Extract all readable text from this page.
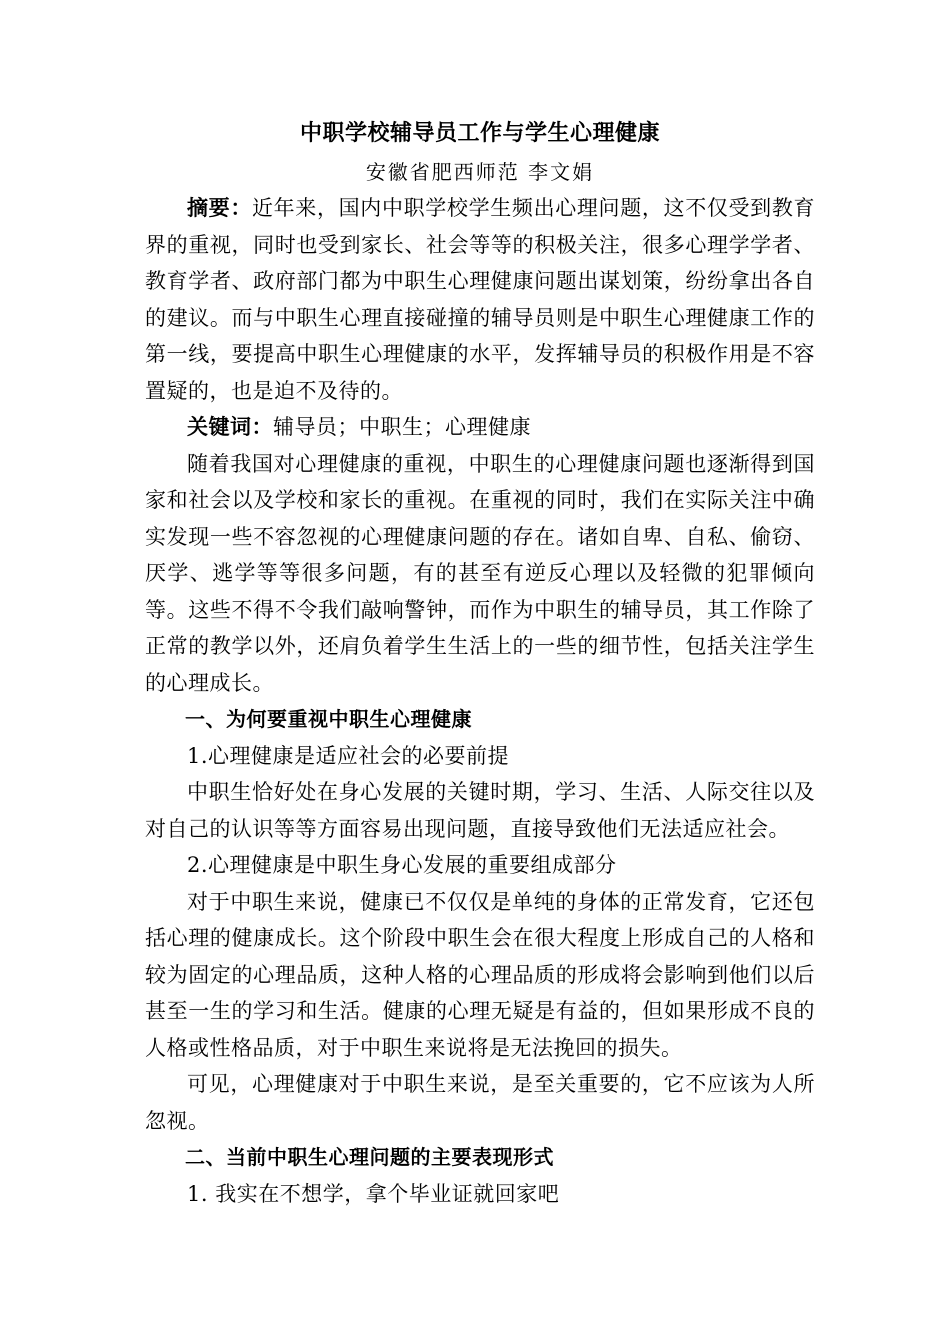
中职学校辅导员工作与学生心理健康
安徽省肥西师范 李文娟

摘要：近年来，国内中职学校学生频出心理问题，这不仅受到教育界的重视，同时也受到家长、社会等等的积极关注，很多心理学学者、教育学者、政府部门都为中职生心理健康问题出谋划策，纷纷拿出各自的建议。而与中职生心理直接碰撞的辅导员则是中职生心理健康工作的第一线，要提高中职生心理健康的水平，发挥辅导员的积极作用是不容置疑的，也是迫不及待的。

关键词：辅导员；中职生；心理健康

随着我国对心理健康的重视，中职生的心理健康问题也逐渐得到国家和社会以及学校和家长的重视。在重视的同时，我们在实际关注中确实发现一些不容忽视的心理健康问题的存在。诸如自卑、自私、偷窃、厌学、逃学等等很多问题，有的甚至有逆反心理以及轻微的犯罪倾向等。这些不得不令我们敲响警钟，而作为中职生的辅导员，其工作除了正常的教学以外，还肩负着学生生活上的一些的细节性，包括关注学生的心理成长。

一、为何要重视中职生心理健康

1.心理健康是适应社会的必要前提

中职生恰好处在身心发展的关键时期，学习、生活、人际交往以及对自己的认识等等方面容易出现问题，直接导致他们无法适应社会。

2.心理健康是中职生身心发展的重要组成部分

对于中职生来说，健康已不仅仅是单纯的身体的正常发育，它还包括心理的健康成长。这个阶段中职生会在很大程度上形成自己的人格和较为固定的心理品质，这种人格的心理品质的形成将会影响到他们以后甚至一生的学习和生活。健康的心理无疑是有益的，但如果形成不良的人格或性格品质，对于中职生来说将是无法挽回的损失。

可见，心理健康对于中职生来说，是至关重要的，它不应该为人所忽视。

二、当前中职生心理问题的主要表现形式

1. 我实在不想学，拿个毕业证就回家吧
